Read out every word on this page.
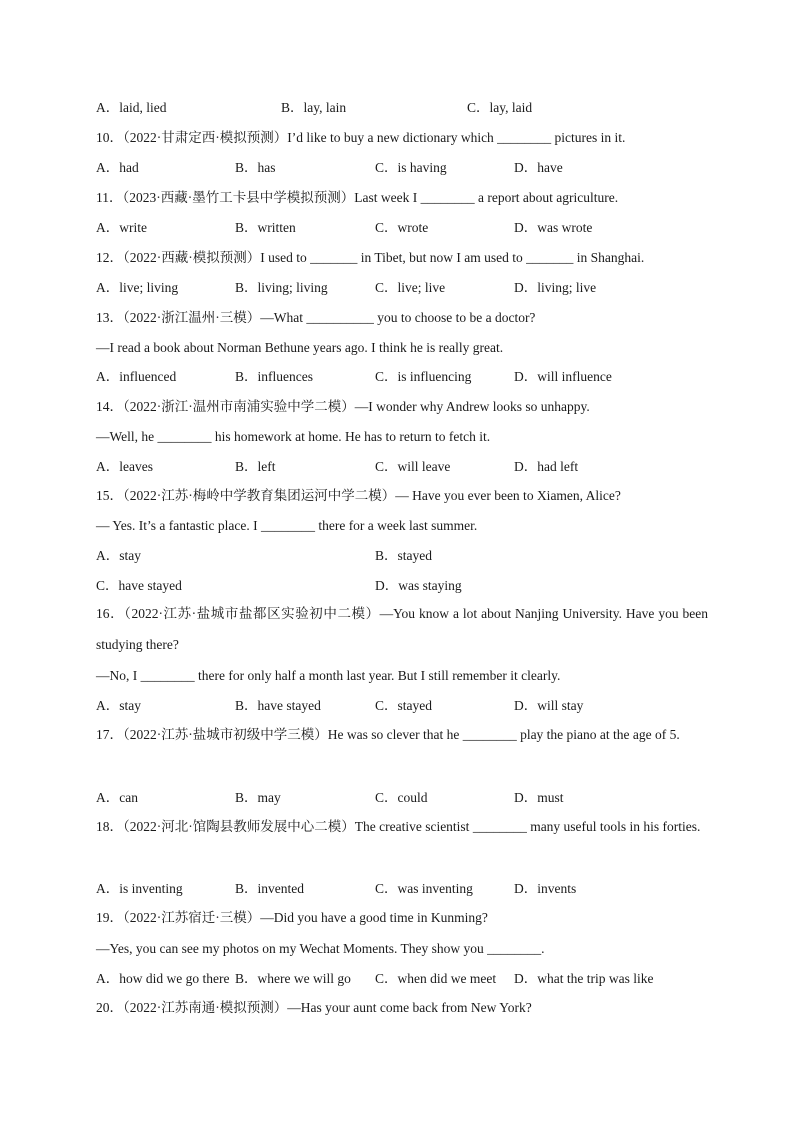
A．laid, lied	B．lay, lain	C．lay, laid
10．（2022·甘肃定西·模拟预测）I’d like to buy a new dictionary which ________ pictures in it.
A．had	B．has	C．is having	D．have
11．（2023·西藏·墨竹工卡县中学模拟预测）Last week I ________ a report about agriculture.
A．write	B．written	C．wrote	D．was wrote
12．（2022·西藏·模拟预测）I used to _______ in Tibet, but now I am used to _______ in Shanghai.
A．live; living	B．living; living	C．live; live	D．living; live
13．（2022·浙江温州·三模）—What __________ you to choose to be a doctor?
—I read a book about Norman Bethune years ago. I think he is really great.
A．influenced	B．influences	C．is influencing	D．will influence
14．（2022·浙江·温州市南浦实验中学二模）—I wonder why Andrew looks so unhappy.
—Well, he ________ his homework at home. He has to return to fetch it.
A．leaves	B．left	C．will leave	D．had left
15．（2022·江苏·梅岭中学教育集团运河中学二模）— Have you ever been to Xiamen, Alice?
— Yes. It’s a fantastic place. I ________ there for a week last summer.
A．stay	B．stayed
C．have stayed	D．was staying
16．（2022·江苏·盐城市盐都区实验初中二模）—You know a lot about Nanjing University. Have you been studying there?
—No, I ________ there for only half a month last year. But I still remember it clearly.
A．stay	B．have stayed	C．stayed	D．will stay
17．（2022·江苏·盐城市初级中学三模）He was so clever that he ________ play the piano at the age of 5.
A．can	B．may	C．could	D．must
18．（2022·河北·馆陶县教师发展中心二模）The creative scientist ________ many useful tools in his forties.
A．is inventing	B．invented	C．was inventing	D．invents
19．（2022·江苏宿迁·三模）—Did you have a good time in Kunming?
—Yes, you can see my photos on my Wechat Moments. They show you ________.
A．how did we go there B．where we will go C．when did we meet D．what the trip was like
20．（2022·江苏南通·模拟预测）—Has your aunt come back from New York?
